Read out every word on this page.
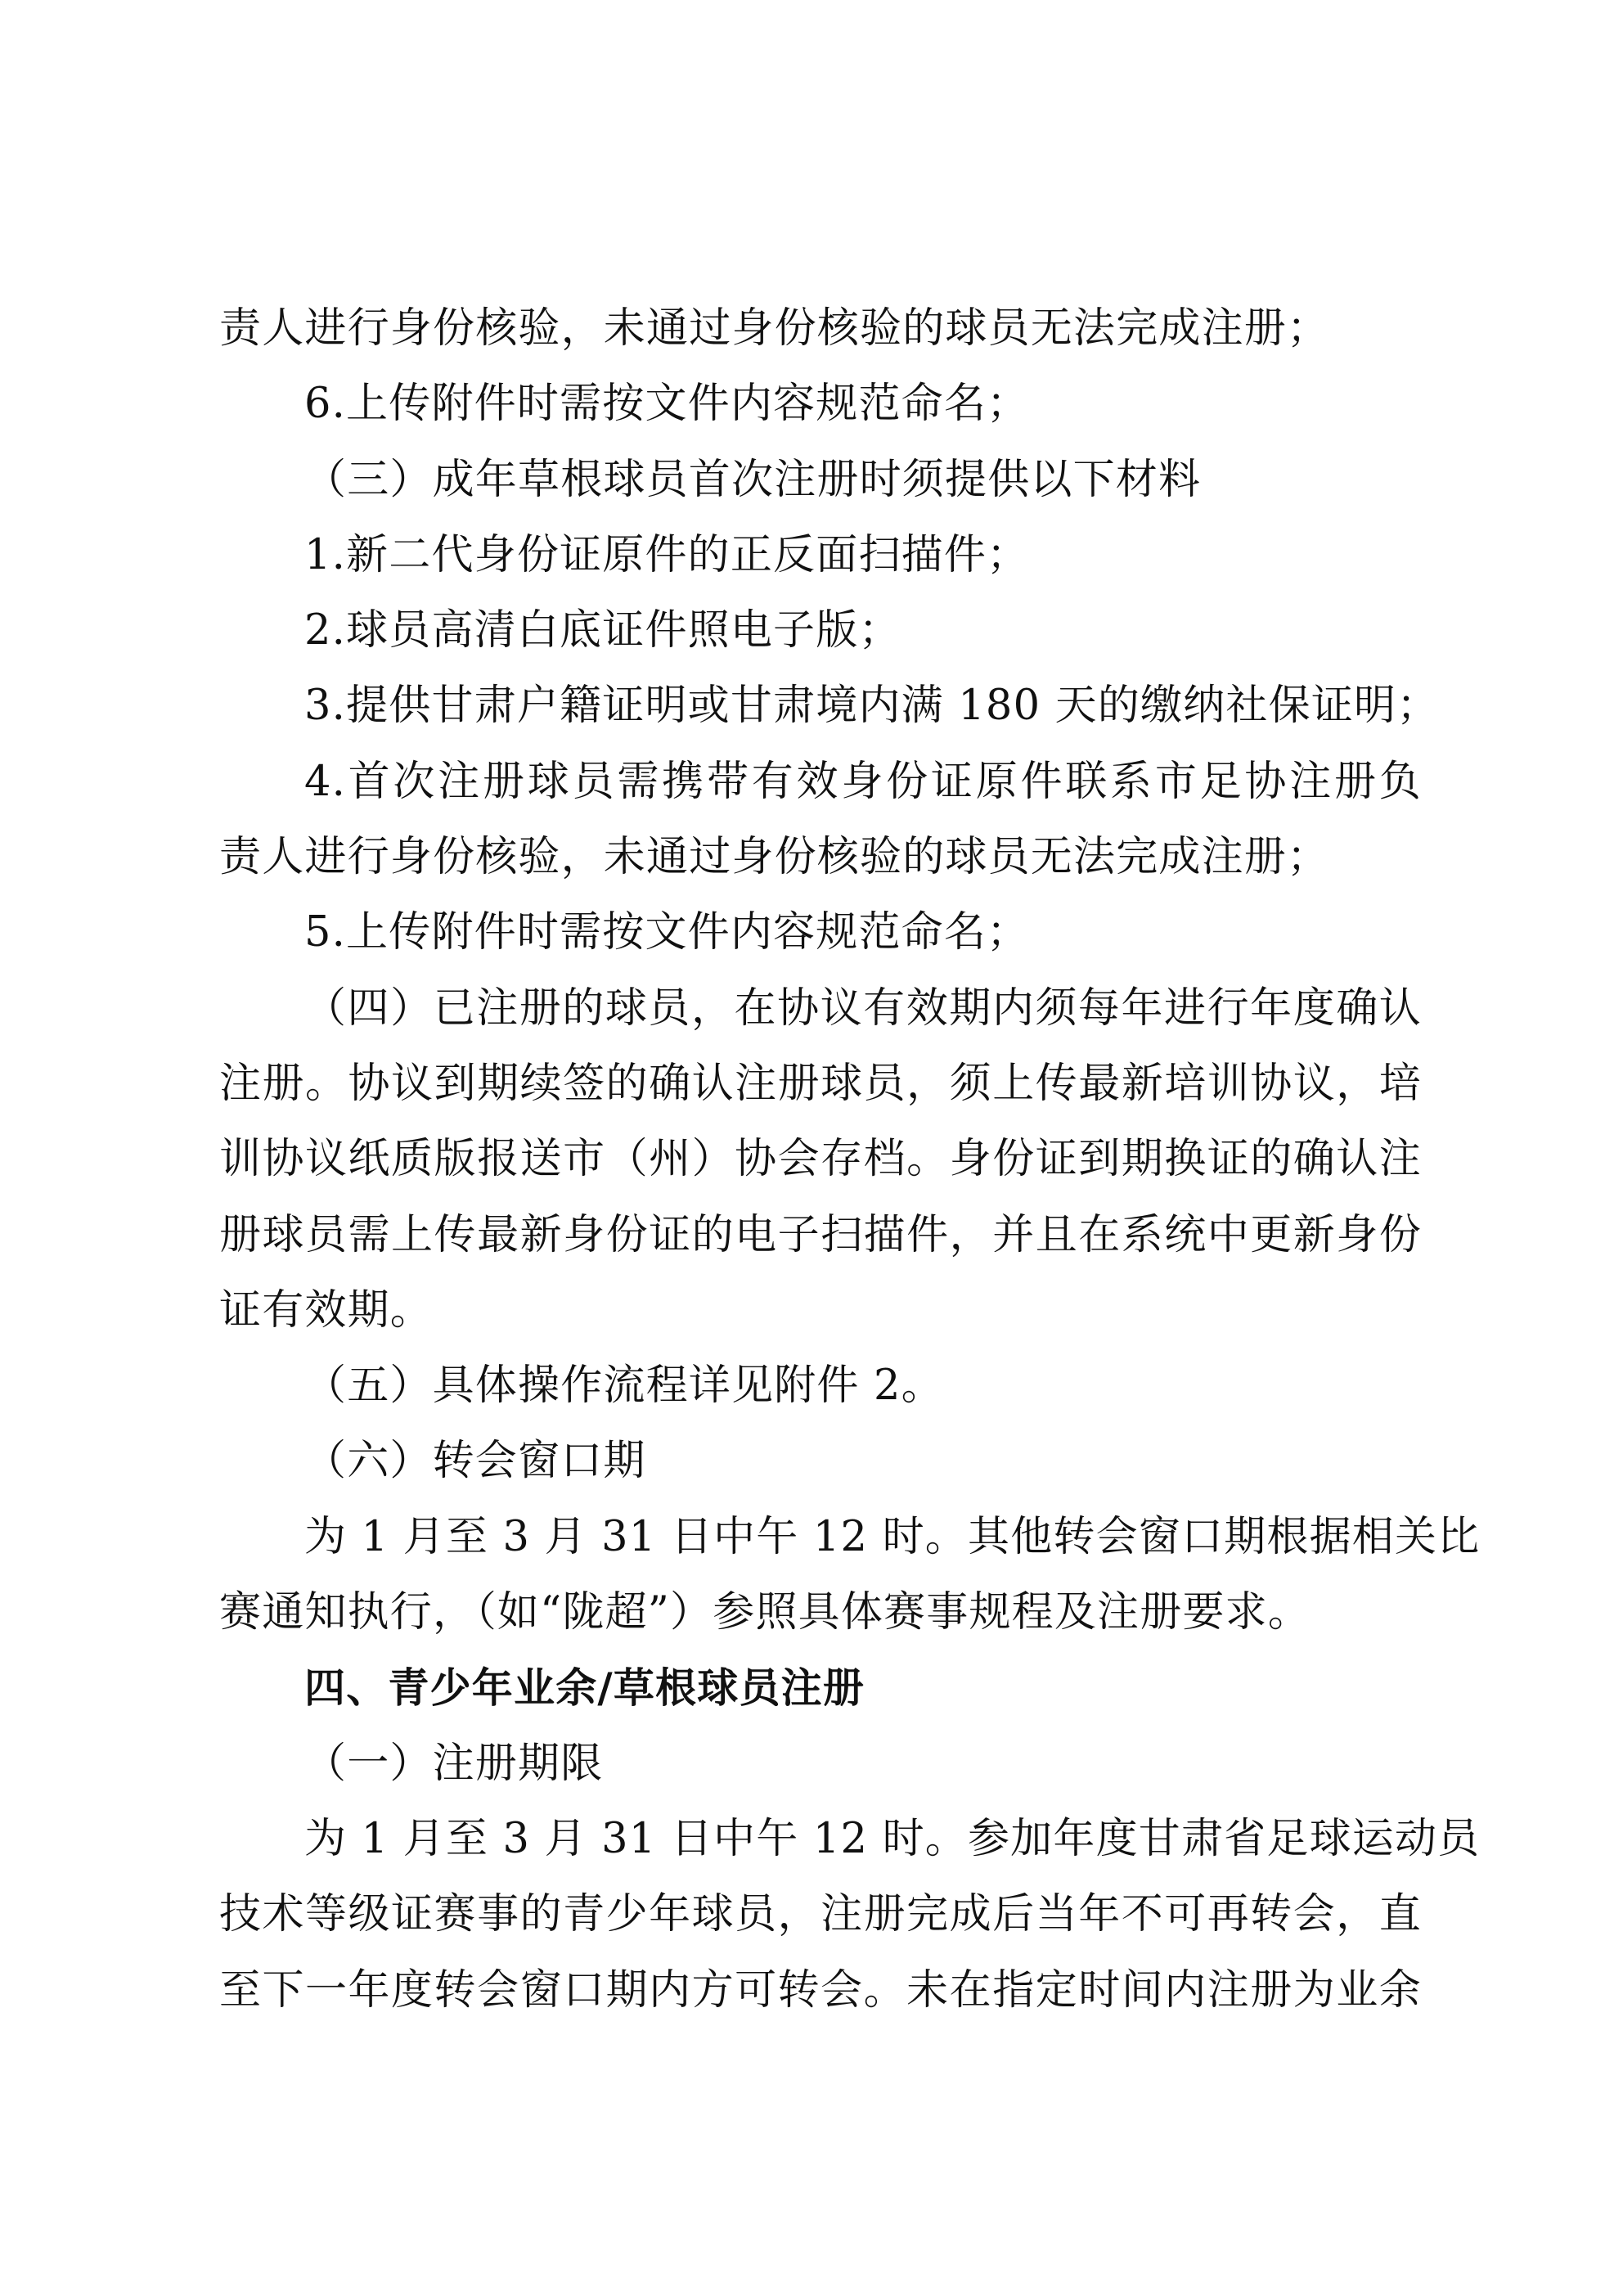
责人进行身份核验，未通过身份核验的球员无法完成注册；
6.上传附件时需按文件内容规范命名；
（三）成年草根球员首次注册时须提供以下材料
1.新二代身份证原件的正反面扫描件；
2.球员高清白底证件照电子版；
3.提供甘肃户籍证明或甘肃境内满 180 天的缴纳社保证明；
4.首次注册球员需携带有效身份证原件联系市足协注册负
责人进行身份核验，未通过身份核验的球员无法完成注册；
5.上传附件时需按文件内容规范命名；
（四）已注册的球员，在协议有效期内须每年进行年度确认
注册。协议到期续签的确认注册球员，须上传最新培训协议，培
训协议纸质版报送市（州）协会存档。身份证到期换证的确认注
册球员需上传最新身份证的电子扫描件，并且在系统中更新身份
证有效期。
（五）具体操作流程详见附件 2。
（六）转会窗口期
为 1 月至 3 月 31 日中午 12 时。其他转会窗口期根据相关比
赛通知执行，（如“陇超”）参照具体赛事规程及注册要求。
四、青少年业余/草根球员注册
（一）注册期限
为 1 月至 3 月 31 日中午 12 时。参加年度甘肃省足球运动员
技术等级证赛事的青少年球员，注册完成后当年不可再转会，直
至下一年度转会窗口期内方可转会。未在指定时间内注册为业余
